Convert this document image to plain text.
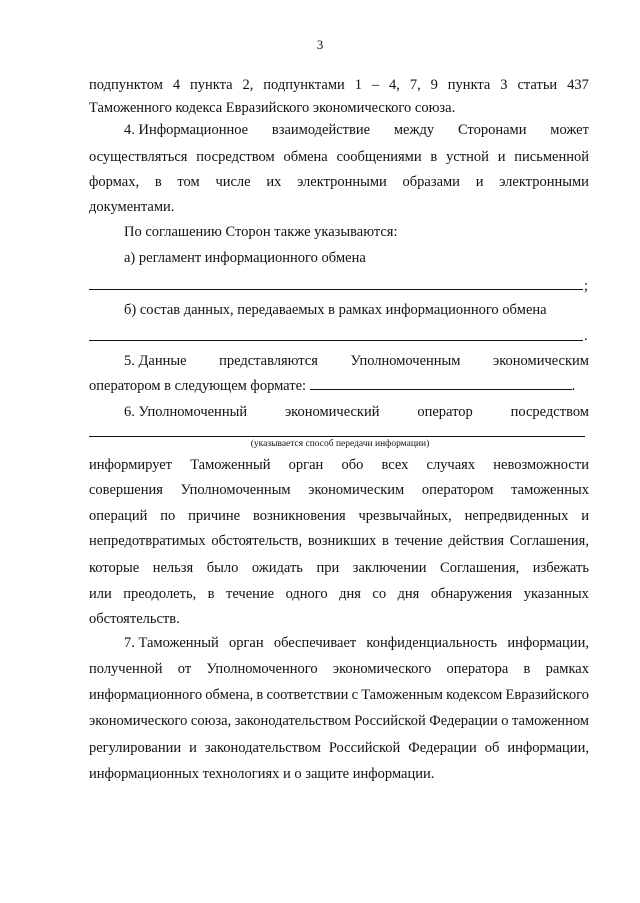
3
подпунктом 4 пункта 2, подпунктами 1 – 4, 7, 9 пункта 3 статьи 437
Таможенного кодекса Евразийского экономического союза.
4. Информационное взаимодействие между Сторонами может
осуществляться посредством обмена сообщениями в устной и письменной
формах, в том числе их электронными образами и электронными
документами.
По соглашению Сторон также указываются:
а) регламент информационного обмена
;
б) состав данных, передаваемых в рамках информационного обмена
.
5. Данные представляются Уполномоченным экономическим
оператором в следующем формате:	.
6. Уполномоченный	экономический	оператор	посредством
(указывается способ передачи информации)
информирует Таможенный орган обо всех случаях невозможности
совершения Уполномоченным экономическим оператором таможенных
операций по причине возникновения чрезвычайных, непредвиденных и
непредотвратимых обстоятельств, возникших в течение действия Соглашения,
которые нельзя было ожидать при заключении Соглашения, избежать
или преодолеть, в течение одного дня со дня обнаружения указанных
обстоятельств.
7. Таможенный орган обеспечивает конфиденциальность информации,
полученной от Уполномоченного экономического оператора в рамках
информационного обмена, в соответствии с Таможенным кодексом Евразийского
экономического союза, законодательством Российской Федерации о таможенном
регулировании и законодательством Российской Федерации об информации,
информационных технологиях и о защите информации.
